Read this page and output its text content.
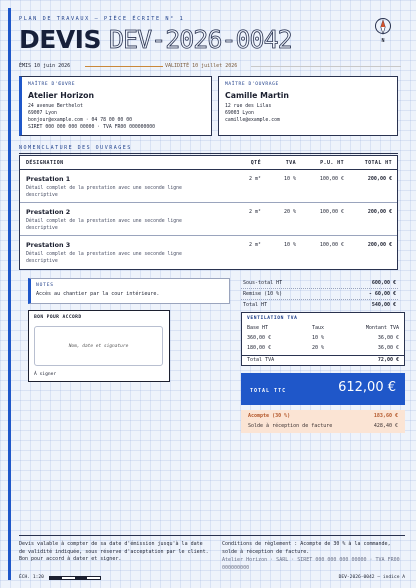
PLAN DE TRAVAUX — PIÈCE ÉCRITE N° 1
DEVIS DEV-2026-0042	N
ÉMIS 10 juin 2026	VALIDITÉ 10 juillet 2026
MAÎTRE D'ŒUVRE
Atelier Horizon
24 avenue Berthelot
69007 Lyon
bonjour@example.com · 04 78 00 00 00
SIRET 000 000 000 00000 · TVA FR00 000000000
MAÎTRE D'OUVRAGE
Camille Martin
12 rue des Lilas
69003 Lyon
camille@example.com
NOMENCLATURE DES OUVRAGES
DÉSIGNATION	QTÉ	TVA	P.U. HT	TOTAL HT
Prestation 1
Détail complet de la prestation avec une seconde ligne descriptive
2 m²	10 %	100,00 €	200,00 €
Prestation 2
Détail complet de la prestation avec une seconde ligne descriptive
2 m²	20 %	100,00 €	200,00 €
Prestation 3
Détail complet de la prestation avec une seconde ligne descriptive
2 m²	10 %	100,00 €	200,00 €
NOTES
Accès au chantier par la cour intérieure.
BON POUR ACCORD
Nom, date et signature
À signer
Sous-total HT	600,00 €
Remise (10 %)	- 60,00 €
Total HT	540,00 €
VENTILATION TVA
Base HT	Taux	Montant TVA
360,00 €	10 %	36,00 €
180,00 €	20 %	36,00 €
Total TVA	72,00 €
TOTAL TTC	612,00 €
Acompte (30 %)	183,60 €
Solde à réception de facture	428,40 €
Devis valable à compter de sa date d'émission jusqu'à la date de validité indiquée, sous réserve d'acceptation par le client. Bon pour accord à dater et signer.
Conditions de règlement : Acompte de 30 % à la commande, solde à réception de facture.
Atelier Horizon · SARL · SIRET 000 000 000 00000 · TVA FR00 000000000
ÉCH. 1:20	DEV-2026-0042 — indice A
